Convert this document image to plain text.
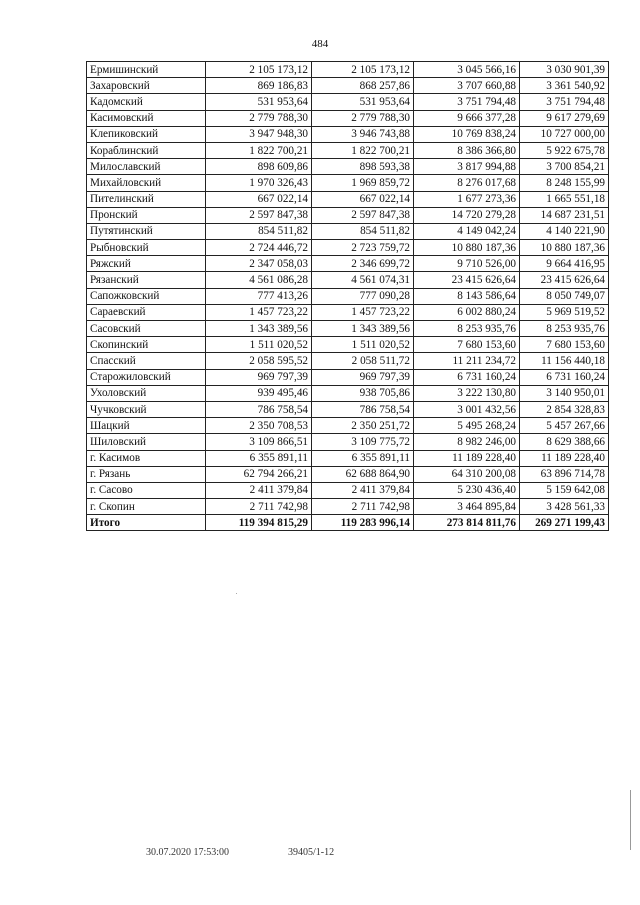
484
Ермишинский	2 105 173,12	2 105 173,12	3 045 566,16	3 030 901,39
Захаровский	869 186,83	868 257,86	3 707 660,88	3 361 540,92
Кадомский	531 953,64	531 953,64	3 751 794,48	3 751 794,48
Касимовский	2 779 788,30	2 779 788,30	9 666 377,28	9 617 279,69
Клепиковский	3 947 948,30	3 946 743,88	10 769 838,24	10 727 000,00
Кораблинский	1 822 700,21	1 822 700,21	8 386 366,80	5 922 675,78
Милославский	898 609,86	898 593,38	3 817 994,88	3 700 854,21
Михайловский	1 970 326,43	1 969 859,72	8 276 017,68	8 248 155,99
Пителинский	667 022,14	667 022,14	1 677 273,36	1 665 551,18
Пронский	2 597 847,38	2 597 847,38	14 720 279,28	14 687 231,51
Путятинский	854 511,82	854 511,82	4 149 042,24	4 140 221,90
Рыбновский	2 724 446,72	2 723 759,72	10 880 187,36	10 880 187,36
Ряжский	2 347 058,03	2 346 699,72	9 710 526,00	9 664 416,95
Рязанский	4 561 086,28	4 561 074,31	23 415 626,64	23 415 626,64
Сапожковский	777 413,26	777 090,28	8 143 586,64	8 050 749,07
Сараевский	1 457 723,22	1 457 723,22	6 002 880,24	5 969 519,52
Сасовский	1 343 389,56	1 343 389,56	8 253 935,76	8 253 935,76
Скопинский	1 511 020,52	1 511 020,52	7 680 153,60	7 680 153,60
Спасский	2 058 595,52	2 058 511,72	11 211 234,72	11 156 440,18
Старожиловский	969 797,39	969 797,39	6 731 160,24	6 731 160,24
Ухоловский	939 495,46	938 705,86	3 222 130,80	3 140 950,01
Чучковский	786 758,54	786 758,54	3 001 432,56	2 854 328,83
Шацкий	2 350 708,53	2 350 251,72	5 495 268,24	5 457 267,66
Шиловский	3 109 866,51	3 109 775,72	8 982 246,00	8 629 388,66
г. Касимов	6 355 891,11	6 355 891,11	11 189 228,40	11 189 228,40
г. Рязань	62 794 266,21	62 688 864,90	64 310 200,08	63 896 714,78
г. Сасово	2 411 379,84	2 411 379,84	5 230 436,40	5 159 642,08
г. Скопин	2 711 742,98	2 711 742,98	3 464 895,84	3 428 561,33
Итого	119 394 815,29	119 283 996,14	273 814 811,76	269 271 199,43
30.07.2020 17:53:00	39405/1-12
